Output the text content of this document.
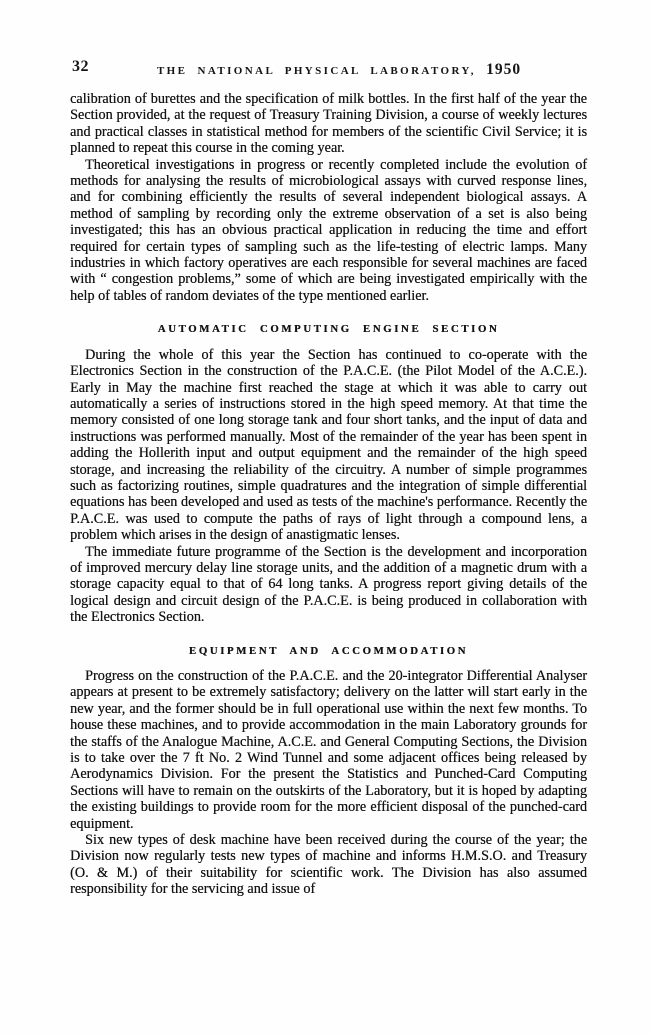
32	THE NATIONAL PHYSICAL LABORATORY, 1950

calibration of burettes and the specification of milk bottles. In the first half of the year the Section provided, at the request of Treasury Training Division, a course of weekly lectures and practical classes in statistical method for members of the scientific Civil Service; it is planned to repeat this course in the coming year.

Theoretical investigations in progress or recently completed include the evolution of methods for analysing the results of microbiological assays with curved response lines, and for combining efficiently the results of several independent biological assays. A method of sampling by recording only the extreme observation of a set is also being investigated; this has an obvious practical application in reducing the time and effort required for certain types of sampling such as the life-testing of electric lamps. Many industries in which factory operatives are each responsible for several machines are faced with “ congestion problems,” some of which are being investigated empirically with the help of tables of random deviates of the type mentioned earlier.

AUTOMATIC COMPUTING ENGINE SECTION

During the whole of this year the Section has continued to co-operate with the Electronics Section in the construction of the P.A.C.E. (the Pilot Model of the A.C.E.). Early in May the machine first reached the stage at which it was able to carry out automatically a series of instructions stored in the high speed memory. At that time the memory consisted of one long storage tank and four short tanks, and the input of data and instructions was performed manually. Most of the remainder of the year has been spent in adding the Hollerith input and output equipment and the remainder of the high speed storage, and increasing the reliability of the circuitry. A number of simple programmes such as factorizing routines, simple quadratures and the integration of simple differential equations has been developed and used as tests of the machine's performance. Recently the P.A.C.E. was used to compute the paths of rays of light through a compound lens, a problem which arises in the design of anastigmatic lenses.

The immediate future programme of the Section is the development and incorporation of improved mercury delay line storage units, and the addition of a magnetic drum with a storage capacity equal to that of 64 long tanks. A progress report giving details of the logical design and circuit design of the P.A.C.E. is being produced in collaboration with the Electronics Section.

EQUIPMENT AND ACCOMMODATION

Progress on the construction of the P.A.C.E. and the 20-integrator Differential Analyser appears at present to be extremely satisfactory; delivery on the latter will start early in the new year, and the former should be in full operational use within the next few months. To house these machines, and to provide accommodation in the main Laboratory grounds for the staffs of the Analogue Machine, A.C.E. and General Computing Sections, the Division is to take over the 7 ft No. 2 Wind Tunnel and some adjacent offices being released by Aerodynamics Division. For the present the Statistics and Punched-Card Computing Sections will have to remain on the outskirts of the Laboratory, but it is hoped by adapting the existing buildings to provide room for the more efficient disposal of the punched-card equipment.

Six new types of desk machine have been received during the course of the year; the Division now regularly tests new types of machine and informs H.M.S.O. and Treasury (O. & M.) of their suitability for scientific work. The Division has also assumed responsibility for the servicing and issue of
